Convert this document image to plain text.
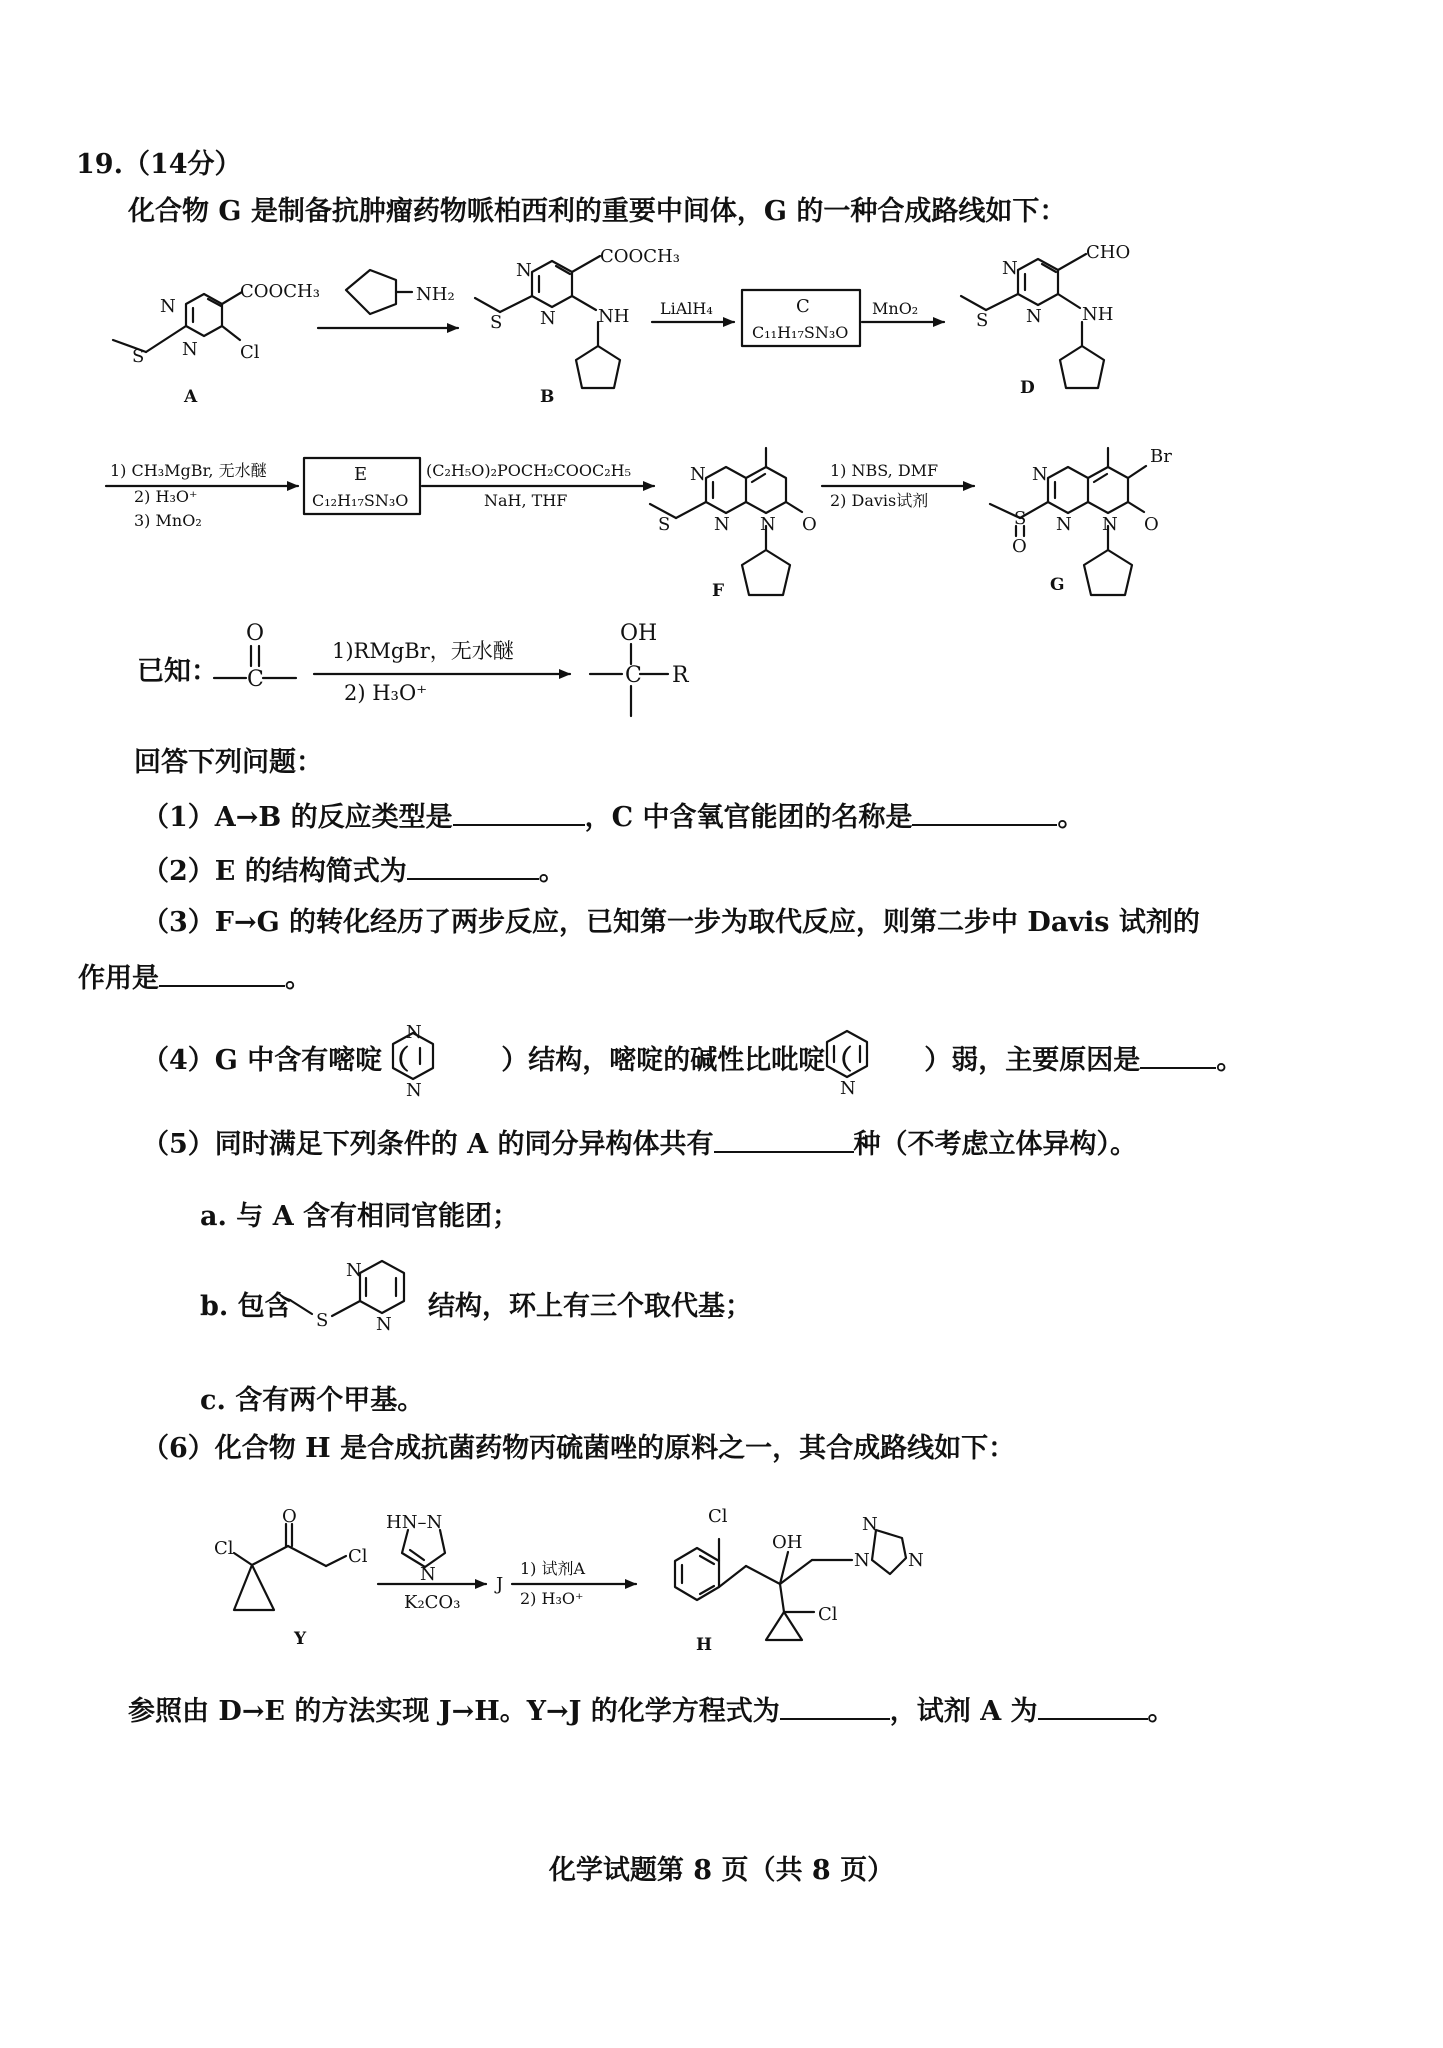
19.（14分）
化合物 G 是制备抗肿瘤药物哌柏西利的重要中间体，G 的一种合成路线如下：
已知：
回答下列问题：
（1）A→B 的反应类型是	，C 中含氧官能团的名称是	。
（2）E 的结构简式为	。
（3）F→G 的转化经历了两步反应，已知第一步为取代反应，则第二步中 Davis 试剂的
作用是	。
（4）G 中含有嘧啶（	）结构，嘧啶的碱性比吡啶（	）弱，主要原因是	。
（5）同时满足下列条件的 A 的同分异构体共有	种（不考虑立体异构）。
a. 与 A 含有相同官能团；
b. 包含	结构，环上有三个取代基；
c. 含有两个甲基。
（6）化合物 H 是合成抗菌药物丙硫菌唑的原料之一，其合成路线如下：
参照由 D→E 的方法实现 J→H。Y→J 的化学方程式为	，试剂 A 为	。
化学试题第 8 页（共 8 页）
COOCH₃
N
N Cl
S
A
NH₂
COOCH₃
N
N
S	NH
B
LiAlH₄	C
C₁₁H₁₇SN₃O
MnO₂
CHO
N
N
S	NH
D
1) CH₃MgBr, 无水醚
2) H₃O⁺
3) MnO₂
E
C₁₂H₁₇SN₃O
(C₂H₅O)₂POCH₂COOC₂H₅
NaH, THF
N
N N O
S
F
1) NBS, DMF
2) Davis试剂
N
N N O
Br
S
O
G
O
C
1)RMgBr，无水醚
2) H₃O⁺
OH
C R
N
N	N
N
N
S
Cl
O
Cl
Y
HN–N
N
K₂CO₃
J
1) 试剂A
2) H₃O⁺
Cl
OH
N
N
N
Cl
H
